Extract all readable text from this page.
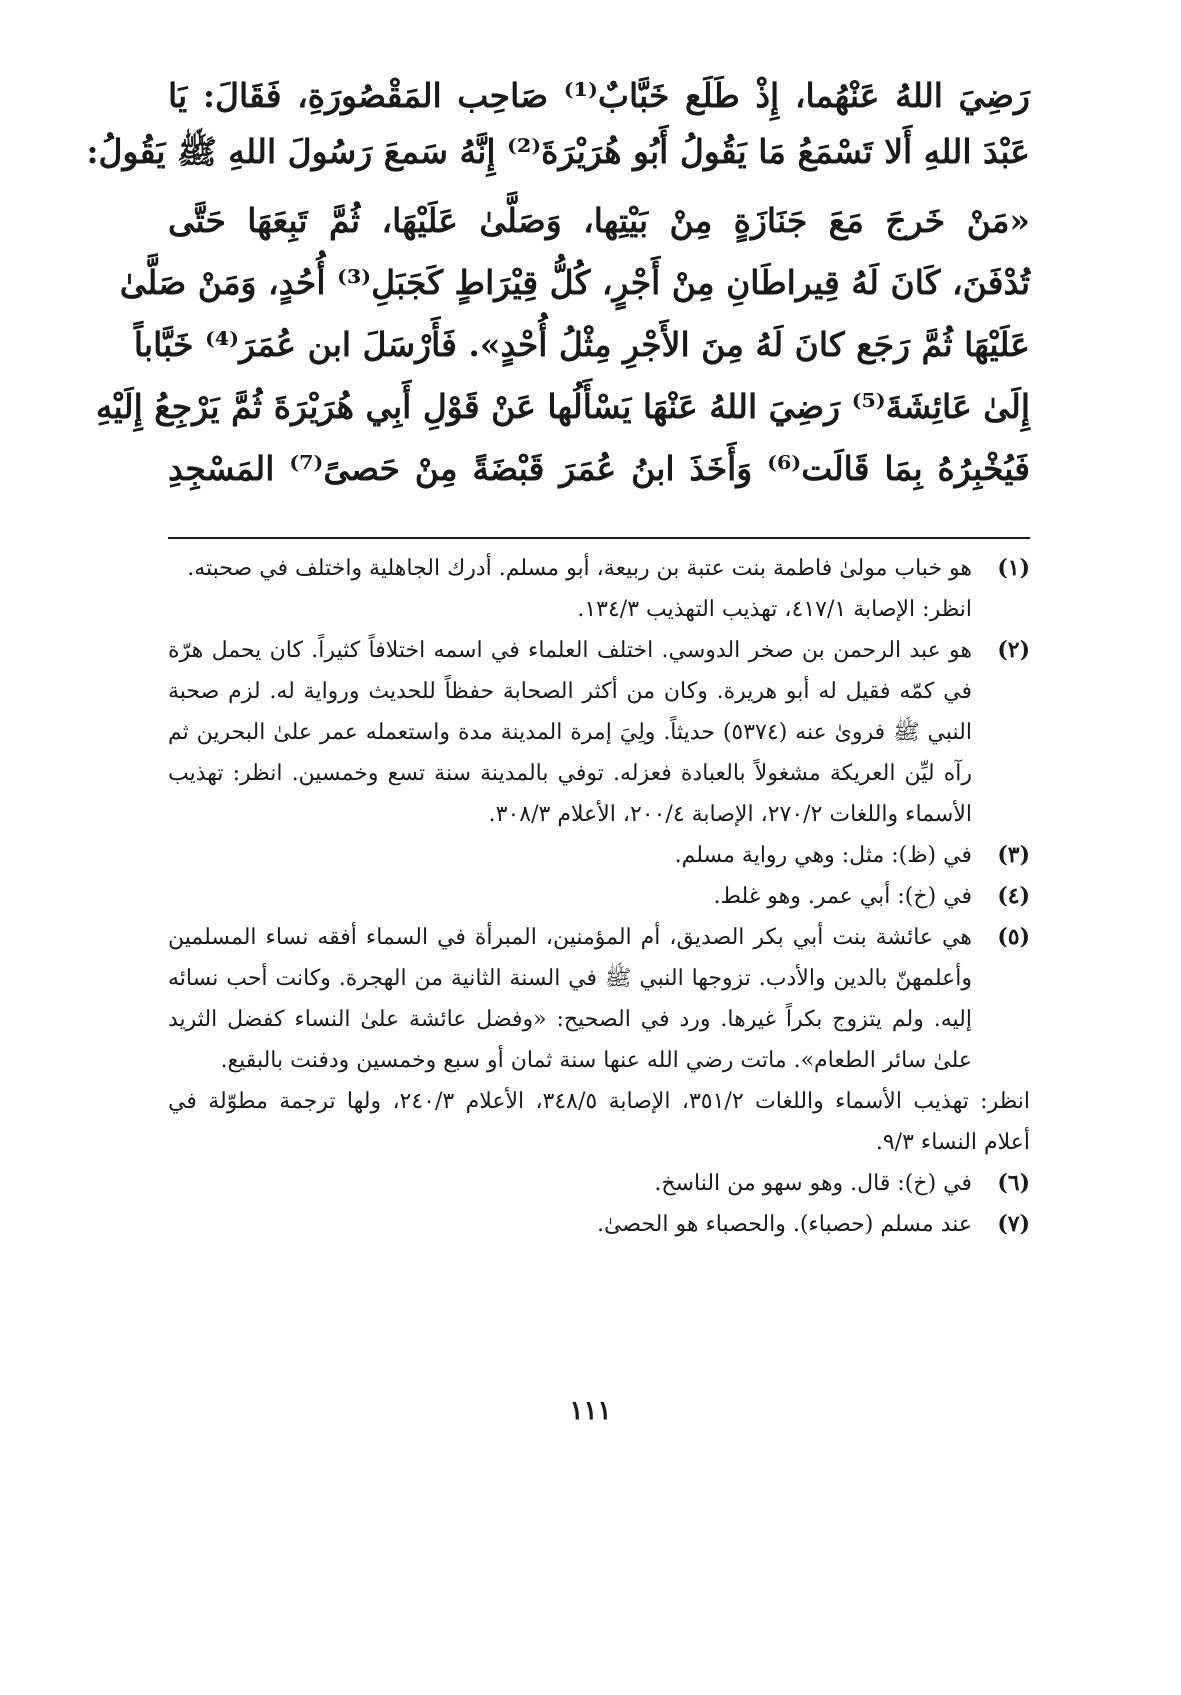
رَضِيَ اللهُ عَنْهُما، إِذْ طَلَع خَبَّابٌ⁽¹⁾ صَاحِب المَقْصُورَةِ، فَقَالَ: يَا
عَبْدَ اللهِ أَلا تَسْمَعُ مَا يَقُولُ أَبُو هُرَيْرَةَ⁽²⁾ إِنَّهُ سَمعَ رَسُولَ اللهِ ﷺ يَقُولُ:
«مَنْ خَرجَ مَعَ جَنَازَةٍ مِنْ بَيْتِها، وَصَلَّىٰ عَلَيْهَا، ثُمَّ تَبِعَهَا حَتَّى
تُدْفَنَ، كَانَ لَهُ قِيراطَانِ مِنْ أَجْرٍ، كُلُّ قِيْرَاطٍ كَجَبَلِ⁽³⁾ أُحُدٍ، وَمَنْ صَلَّىٰ
عَلَيْهَا ثُمَّ رَجَع كانَ لَهُ مِنَ الأَجْرِ مِثْلُ أُحْدٍ». فَأَرْسَلَ ابن عُمَرَ⁽⁴⁾ خَبَّاباً
إِلَىٰ عَائِشَةَ⁽⁵⁾ رَضِيَ اللهُ عَنْهَا يَسْأَلُها عَنْ قَوْلِ أَبِي هُرَيْرَةَ ثُمَّ يَرْجِعُ إِلَيْهِ
فَيُخْبِرُهُ بِمَا قَالَت⁽⁶⁾ وَأَخَذَ ابنُ عُمَرَ قَبْضَةً مِنْ حَصىً⁽⁷⁾ المَسْجِدِ
(١)
هو خباب مولىٰ فاطمة بنت عتبة بن ربيعة، أبو مسلم. أدرك الجاهلية واختلف في صحبته.
انظر: الإصابة ٤١٧/١، تهذيب التهذيب ١٣٤/٣.
(٢)
هو عبد الرحمن بن صخر الدوسي. اختلف العلماء في اسمه اختلافاً كثيراً. كان يحمل هرّة في كمّه فقيل له أبو هريرة. وكان من أكثر الصحابة حفظاً للحديث ورواية له. لزم صحبة النبي ﷺ فروىٰ عنه (٥٣٧٤) حديثاً. ولِيَ إمرة المدينة مدة واستعمله عمر علىٰ البحرين ثم رآه ليِّن العريكة مشغولاً بالعبادة فعزله. توفي بالمدينة سنة تسع وخمسين. انظر: تهذيب الأسماء واللغات ٢٧٠/٢، الإصابة ٢٠٠/٤، الأعلام ٣٠٨/٣.
(٣)
في (ظ): مثل: وهي رواية مسلم.
(٤)
في (خ): أبي عمر. وهو غلط.
(٥)
هي عائشة بنت أبي بكر الصديق، أم المؤمنين، المبرأة في السماء أفقه نساء المسلمين وأعلمهنّ بالدين والأدب. تزوجها النبي ﷺ في السنة الثانية من الهجرة. وكانت أحب نسائه إليه. ولم يتزوج بكراً غيرها. ورد في الصحيح: «وفضل عائشة علىٰ النساء كفضل الثريد علىٰ سائر الطعام». ماتت رضي الله عنها سنة ثمان أو سبع وخمسين ودفنت بالبقيع.
انظر: تهذيب الأسماء واللغات ٣٥١/٢، الإصابة ٣٤٨/٥، الأعلام ٢٤٠/٣، ولها ترجمة مطوّلة في أعلام النساء ٩/٣.
(٦)
في (خ): قال. وهو سهو من الناسخ.
(٧)
عند مسلم (حصباء). والحصباء هو الحصىٰ.
١١١
